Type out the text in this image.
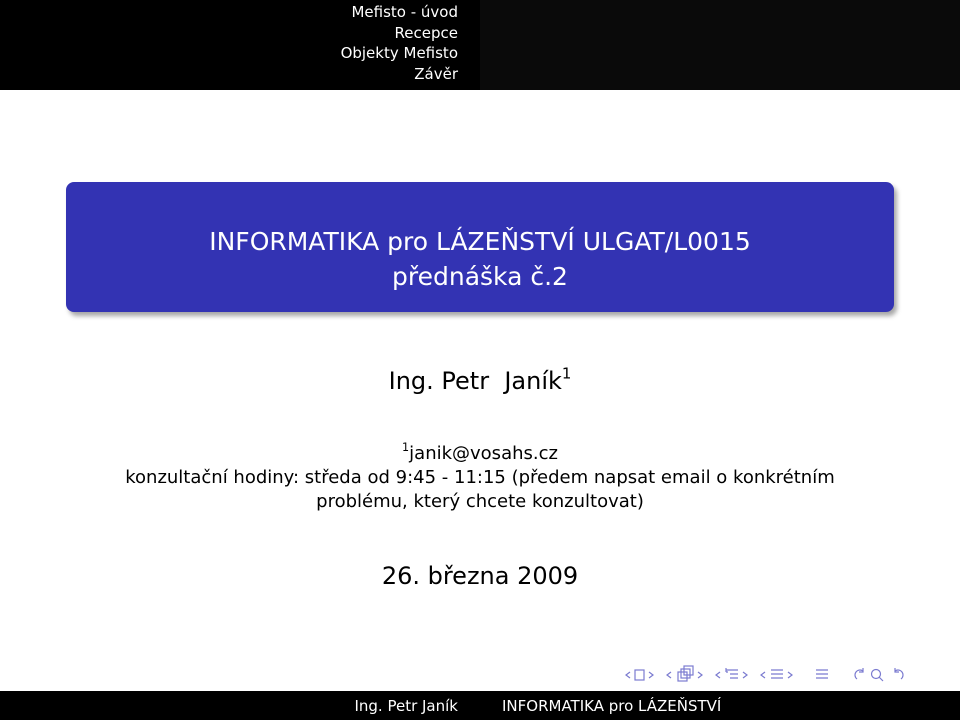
Mefisto - úvod
Recepce
Objekty Mefisto
Závěr
INFORMATIKA pro LÁZEŇSTVÍ ULGAT/L0015
přednáška č.2
Ing. Petr  Janík$^1$
$^1$janik@vosahs.cz
konzultační hodiny: středa od 9:45 - 11:15 (předem napsat email o konkrétním
problému, který chcete konzultovat)
26. března 2009
Ing. Petr Janík	INFORMATIKA pro LÁZEŇSTVÍ
